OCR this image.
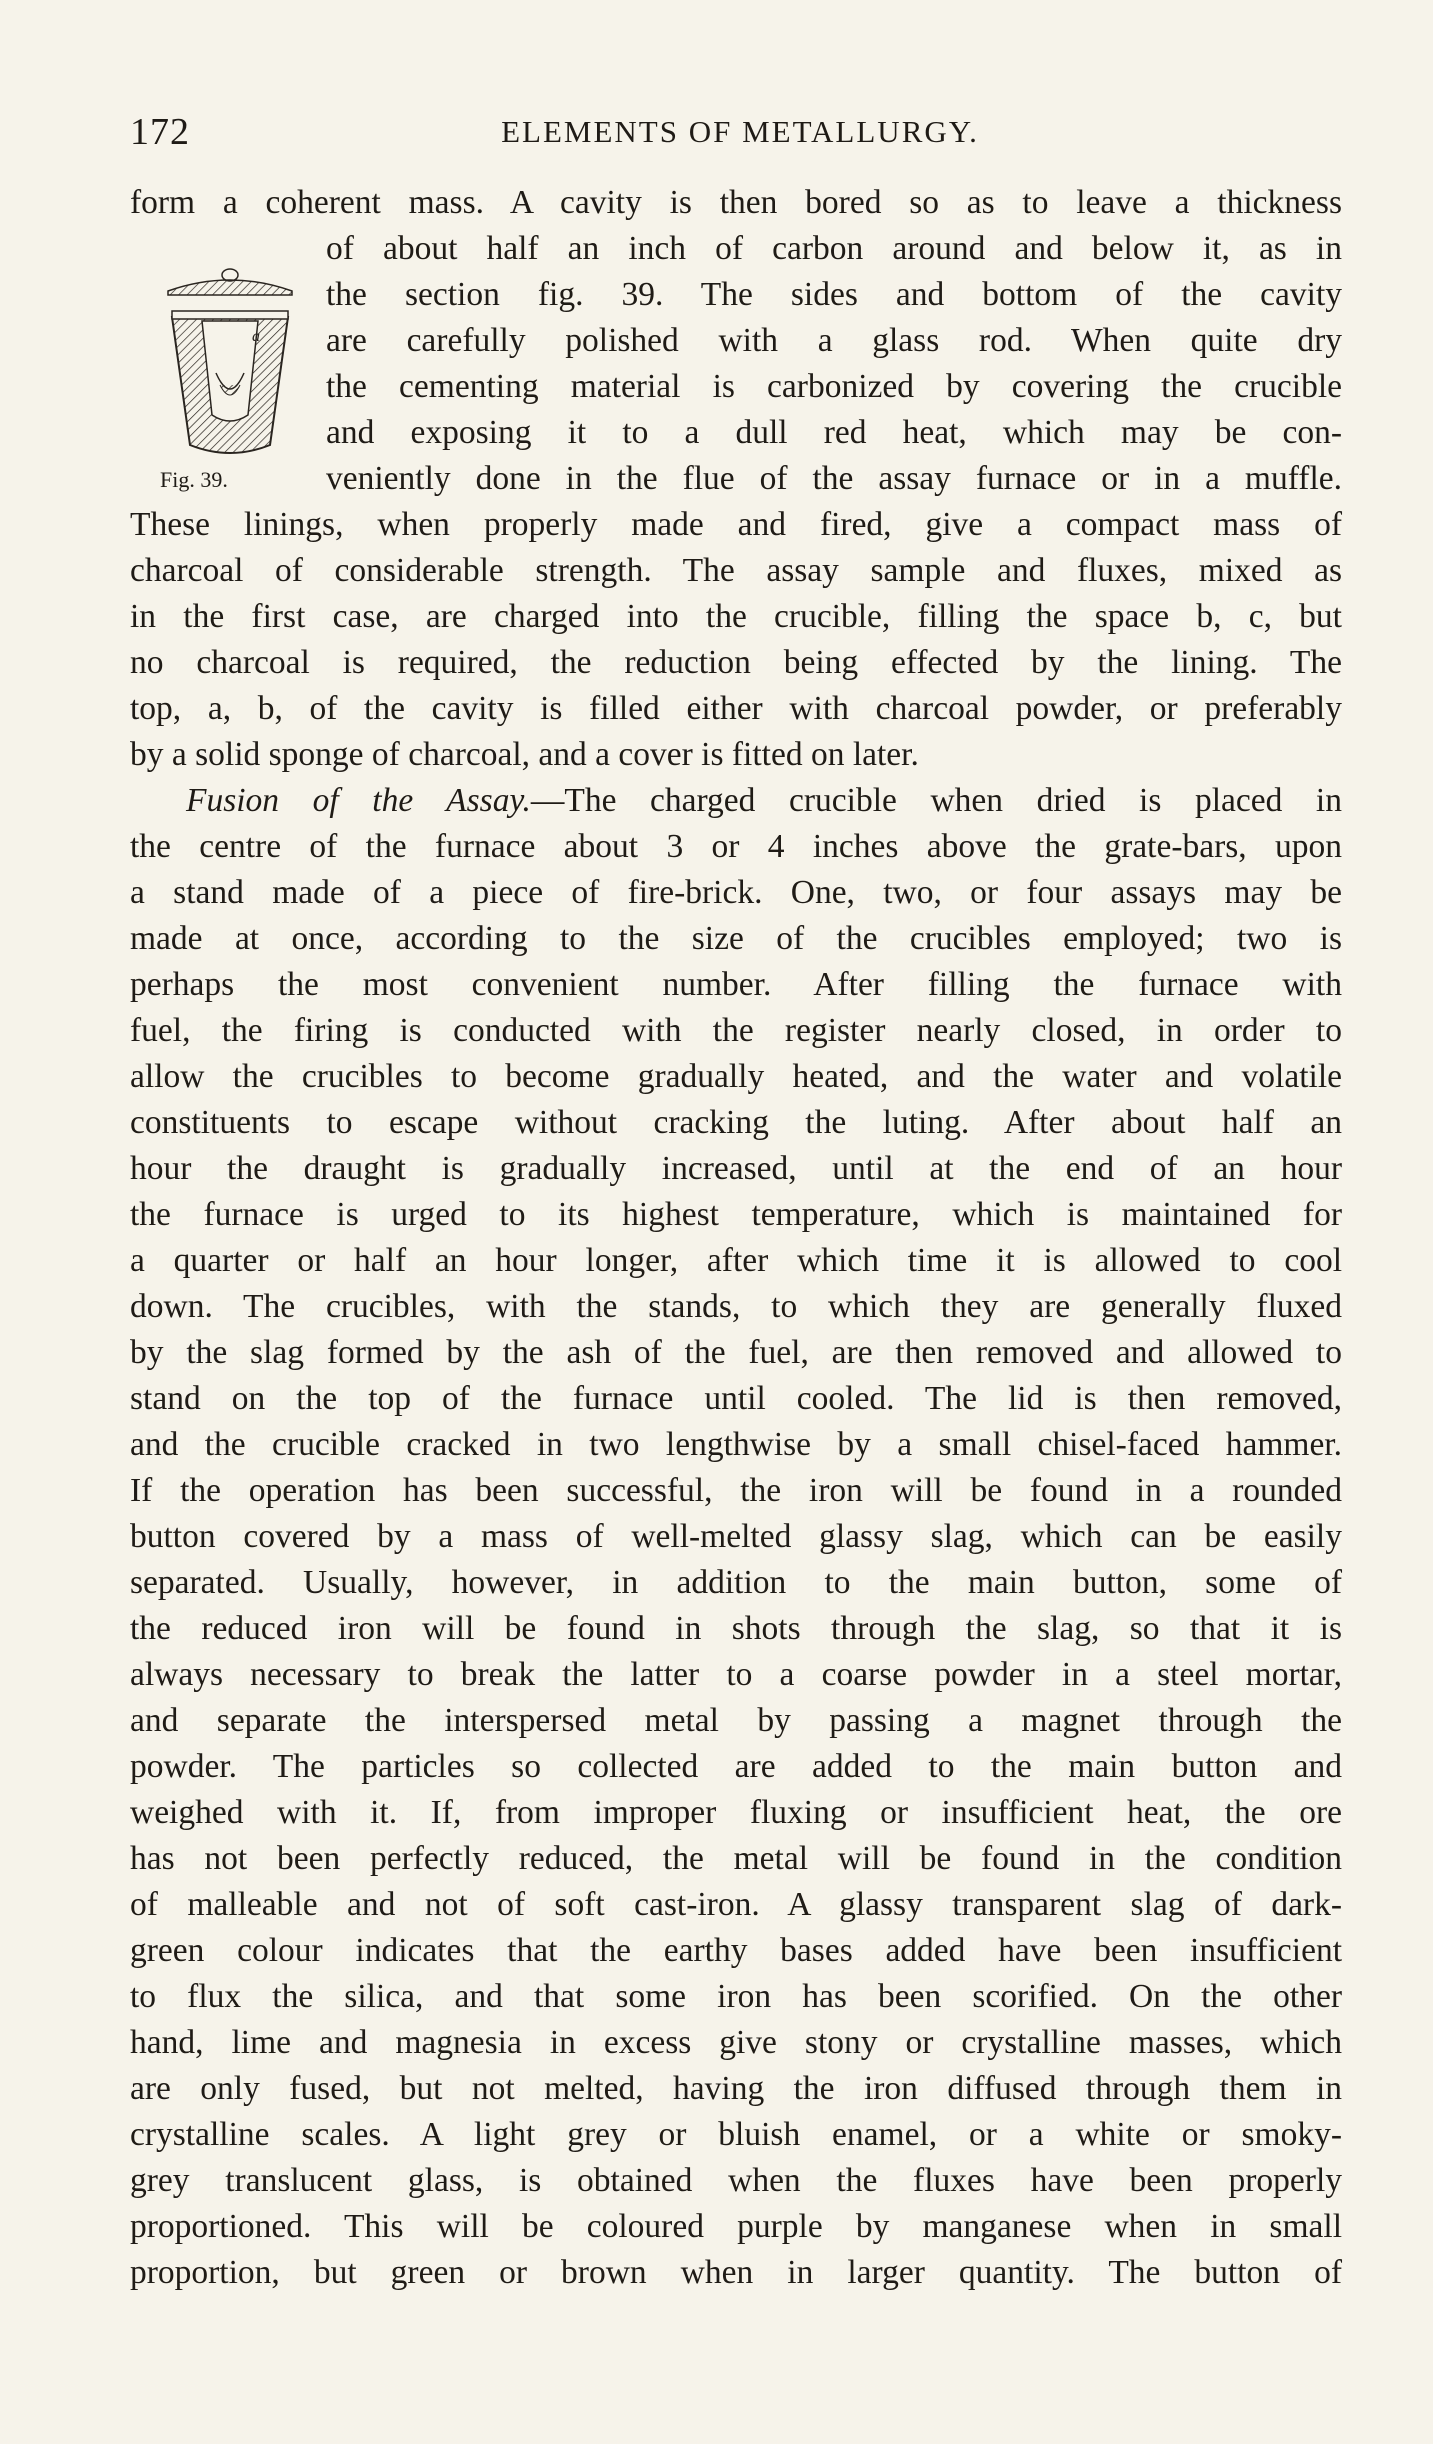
172	ELEMENTS OF METALLURGY.
a
Fig. 39.
form a coherent mass. A cavity is then bored so as to leave a thickness
of about half an inch of carbon around and below it, as in
the section fig. 39. The sides and bottom of the cavity
are carefully polished with a glass rod. When quite dry
the cementing material is carbonized by covering the crucible
and exposing it to a dull red heat, which may be con-
veniently done in the flue of the assay furnace or in a muffle.
These linings, when properly made and fired, give a compact mass of
charcoal of considerable strength. The assay sample and fluxes, mixed as
in the first case, are charged into the crucible, filling the space b, c, but
no charcoal is required, the reduction being effected by the lining. The
top, a, b, of the cavity is filled either with charcoal powder, or preferably
by a solid sponge of charcoal, and a cover is fitted on later.
Fusion of the Assay.—The charged crucible when dried is placed in
the centre of the furnace about 3 or 4 inches above the grate-bars, upon
a stand made of a piece of fire-brick. One, two, or four assays may be
made at once, according to the size of the crucibles employed; two is
perhaps the most convenient number. After filling the furnace with
fuel, the firing is conducted with the register nearly closed, in order to
allow the crucibles to become gradually heated, and the water and volatile
constituents to escape without cracking the luting. After about half an
hour the draught is gradually increased, until at the end of an hour
the furnace is urged to its highest temperature, which is maintained for
a quarter or half an hour longer, after which time it is allowed to cool
down. The crucibles, with the stands, to which they are generally fluxed
by the slag formed by the ash of the fuel, are then removed and allowed to
stand on the top of the furnace until cooled. The lid is then removed,
and the crucible cracked in two lengthwise by a small chisel-faced hammer.
If the operation has been successful, the iron will be found in a rounded
button covered by a mass of well-melted glassy slag, which can be easily
separated. Usually, however, in addition to the main button, some of
the reduced iron will be found in shots through the slag, so that it is
always necessary to break the latter to a coarse powder in a steel mortar,
and separate the interspersed metal by passing a magnet through the
powder. The particles so collected are added to the main button and
weighed with it. If, from improper fluxing or insufficient heat, the ore
has not been perfectly reduced, the metal will be found in the condition
of malleable and not of soft cast-iron. A glassy transparent slag of dark-
green colour indicates that the earthy bases added have been insufficient
to flux the silica, and that some iron has been scorified. On the other
hand, lime and magnesia in excess give stony or crystalline masses, which
are only fused, but not melted, having the iron diffused through them in
crystalline scales. A light grey or bluish enamel, or a white or smoky-
grey translucent glass, is obtained when the fluxes have been properly
proportioned. This will be coloured purple by manganese when in small
proportion, but green or brown when in larger quantity. The button of
